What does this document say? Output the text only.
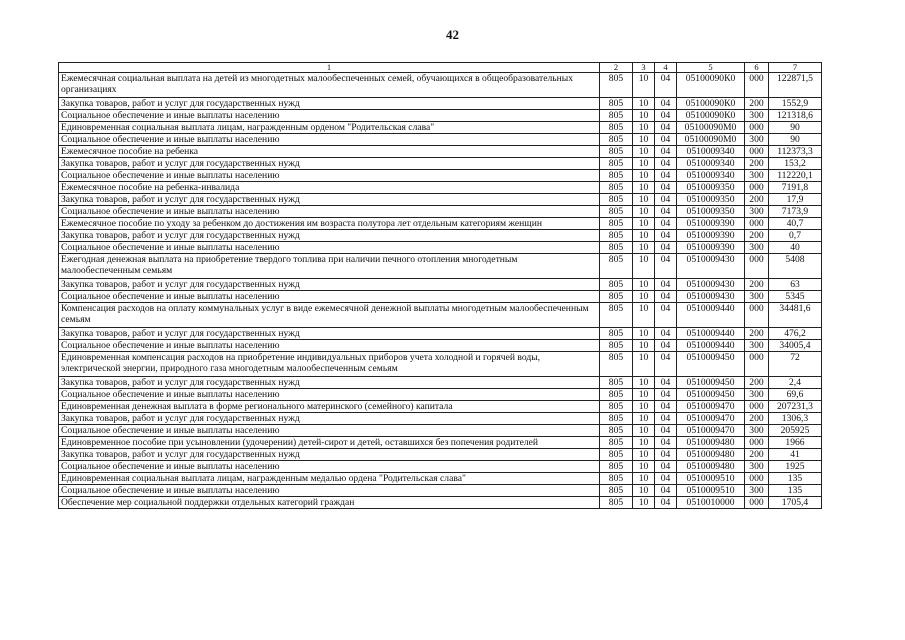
42
1	2	3	4	5	6	7
Ежемесячная социальная выплата на детей из многодетных малообеспеченных семей, обучающихся в общеобразовательных организациях	805	10	04	05100090К0	000	122871,5
Закупка товаров, работ и услуг для государственных нужд	805	10	04	05100090К0	200	1552,9
Социальное обеспечение и иные выплаты населению	805	10	04	05100090К0	300	121318,6
Единовременная социальная выплата лицам, награжденным орденом "Родительская слава"	805	10	04	05100090М0	000	90
Социальное обеспечение и иные выплаты населению	805	10	04	05100090М0	300	90
Ежемесячное пособие на ребенка	805	10	04	0510009340	000	112373,3
Закупка товаров, работ и услуг для государственных нужд	805	10	04	0510009340	200	153,2
Социальное обеспечение и иные выплаты населению	805	10	04	0510009340	300	112220,1
Ежемесячное пособие на ребенка-инвалида	805	10	04	0510009350	000	7191,8
Закупка товаров, работ и услуг для государственных нужд	805	10	04	0510009350	200	17,9
Социальное обеспечение и иные выплаты населению	805	10	04	0510009350	300	7173,9
Ежемесячное пособие по уходу за ребенком до достижения им возраста полутора лет отдельным категориям женщин	805	10	04	0510009390	000	40,7
Закупка товаров, работ и услуг для государственных нужд	805	10	04	0510009390	200	0,7
Социальное обеспечение и иные выплаты населению	805	10	04	0510009390	300	40
Ежегодная денежная выплата на приобретение твердого топлива при наличии печного отопления многодетным малообеспеченным семьям	805	10	04	0510009430	000	5408
Закупка товаров, работ и услуг для государственных нужд	805	10	04	0510009430	200	63
Социальное обеспечение и иные выплаты населению	805	10	04	0510009430	300	5345
Компенсация расходов на оплату коммунальных услуг в виде ежемесячной денежной выплаты многодетным малообеспеченным семьям	805	10	04	0510009440	000	34481,6
Закупка товаров, работ и услуг для государственных нужд	805	10	04	0510009440	200	476,2
Социальное обеспечение и иные выплаты населению	805	10	04	0510009440	300	34005,4
Единовременная компенсация расходов на приобретение индивидуальных приборов учета холодной и горячей воды, электрической энергии, природного газа многодетным малообеспеченным семьям	805	10	04	0510009450	000	72
Закупка товаров, работ и услуг для государственных нужд	805	10	04	0510009450	200	2,4
Социальное обеспечение и иные выплаты населению	805	10	04	0510009450	300	69,6
Единовременная денежная выплата в форме регионального материнского (семейного) капитала	805	10	04	0510009470	000	207231,3
Закупка товаров, работ и услуг для государственных нужд	805	10	04	0510009470	200	1306,3
Социальное обеспечение и иные выплаты населению	805	10	04	0510009470	300	205925
Единовременное пособие при усыновлении (удочерении) детей-сирот и детей, оставшихся без попечения родителей	805	10	04	0510009480	000	1966
Закупка товаров, работ и услуг для государственных нужд	805	10	04	0510009480	200	41
Социальное обеспечение и иные выплаты населению	805	10	04	0510009480	300	1925
Единовременная социальная выплата лицам, награжденным медалью ордена "Родительская слава"	805	10	04	0510009510	000	135
Социальное обеспечение и иные выплаты населению	805	10	04	0510009510	300	135
Обеспечение мер социальной поддержки отдельных категорий граждан	805	10	04	0510010000	000	1705,4
